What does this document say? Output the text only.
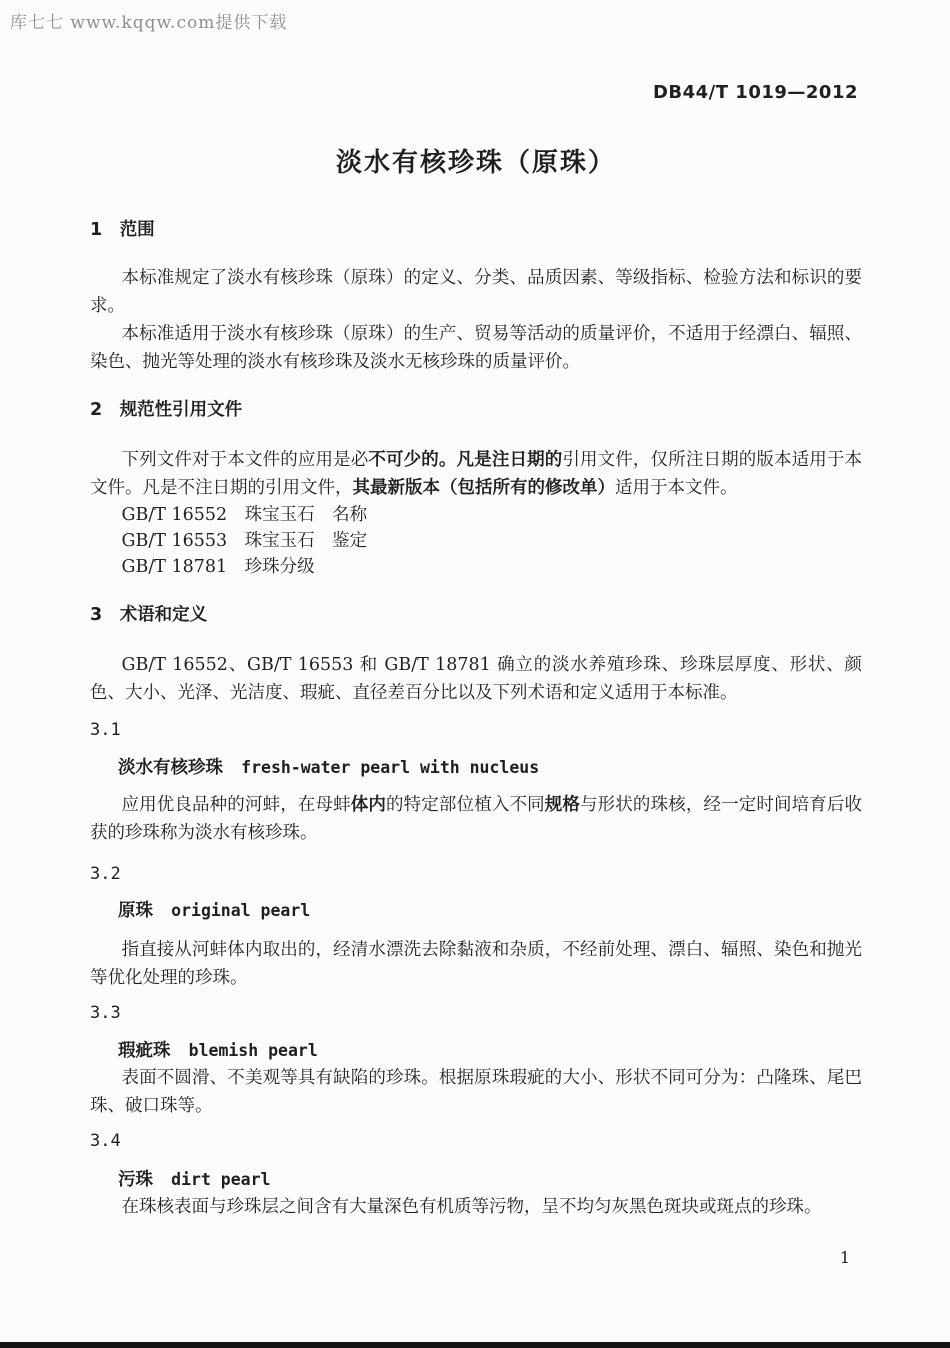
库七七 www.kqqw.com提供下载
DB44/T 1019—2012
淡水有核珍珠（原珠）
1 范围

本标准规定了淡水有核珍珠（原珠）的定义、分类、品质因素、等级指标、检验方法和标识的要求。

本标准适用于淡水有核珍珠（原珠）的生产、贸易等活动的质量评价，不适用于经漂白、辐照、染色、抛光等处理的淡水有核珍珠及淡水无核珍珠的质量评价。

2 规范性引用文件

下列文件对于本文件的应用是必不可少的。凡是注日期的引用文件，仅所注日期的版本适用于本文件。凡是不注日期的引用文件，其最新版本（包括所有的修改单）适用于本文件。

GB/T 16552　珠宝玉石　名称

GB/T 16553　珠宝玉石　鉴定

GB/T 18781　珍珠分级

3 术语和定义

GB/T 16552、GB/T 16553 和 GB/T 18781 确立的淡水养殖珍珠、珍珠层厚度、形状、颜色、大小、光泽、光洁度、瑕疵、直径差百分比以及下列术语和定义适用于本标准。

3.1

淡水有核珍珠 fresh-water pearl with nucleus

应用优良品种的河蚌，在母蚌体内的特定部位植入不同规格与形状的珠核，经一定时间培育后收获的珍珠称为淡水有核珍珠。

3.2

原珠 original pearl

指直接从河蚌体内取出的，经清水漂洗去除黏液和杂质，不经前处理、漂白、辐照、染色和抛光等优化处理的珍珠。

3.3

瑕疵珠 blemish pearl

表面不圆滑、不美观等具有缺陷的珍珠。根据原珠瑕疵的大小、形状不同可分为：凸隆珠、尾巴珠、破口珠等。

3.4

污珠 dirt pearl

在珠核表面与珍珠层之间含有大量深色有机质等污物，呈不均匀灰黑色斑块或斑点的珍珠。

1
